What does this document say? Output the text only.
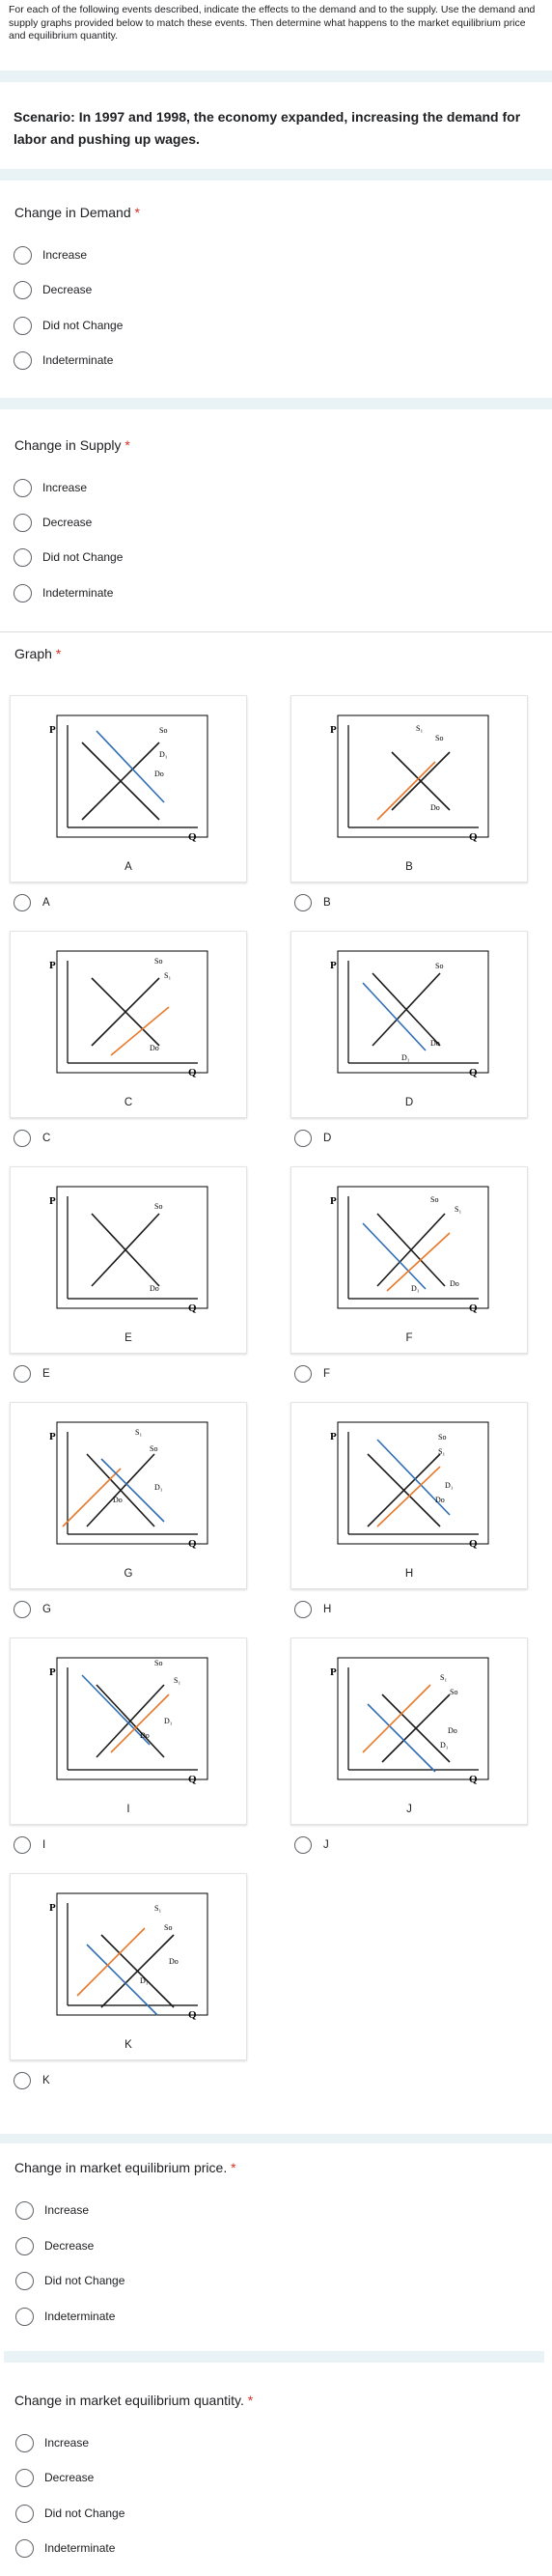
For each of the following events described, indicate the effects to the demand and to the supply. Use the demand and supply graphs provided below to match these events. Then determine what happens to the market equilibrium price and equilibrium quantity.
Scenario: In 1997 and 1998, the economy expanded, increasing the demand for labor and pushing up wages.
Change in Demand *
Increase
Decrease
Did not Change
Indeterminate
Change in Supply *
Increase
Decrease
Did not Change
Indeterminate
Graph *
P
Q
So
D₁
Do
A
A
P
Q
S₁
So
Do
B
B
P
Q
So
S₁
Do
C
C
P
Q
So
Do
D₁
D
D
P
Q
So
Do
E
E
P
Q
So
S₁
Do
D₁
F
F
P
Q
S₁
So
D₁
Do
G
G
P
Q
So
S₁
D₁
Do
H
H
P
Q
So
S₁
D₁
Do
I
I
P
Q
S₁
So
Do
D₁
J
J
P
Q
S₁
So
Do
D₁
K
K
Change in market equilibrium price. *
Increase
Decrease
Did not Change
Indeterminate
Change in market equilibrium quantity. *
Increase
Decrease
Did not Change
Indeterminate
